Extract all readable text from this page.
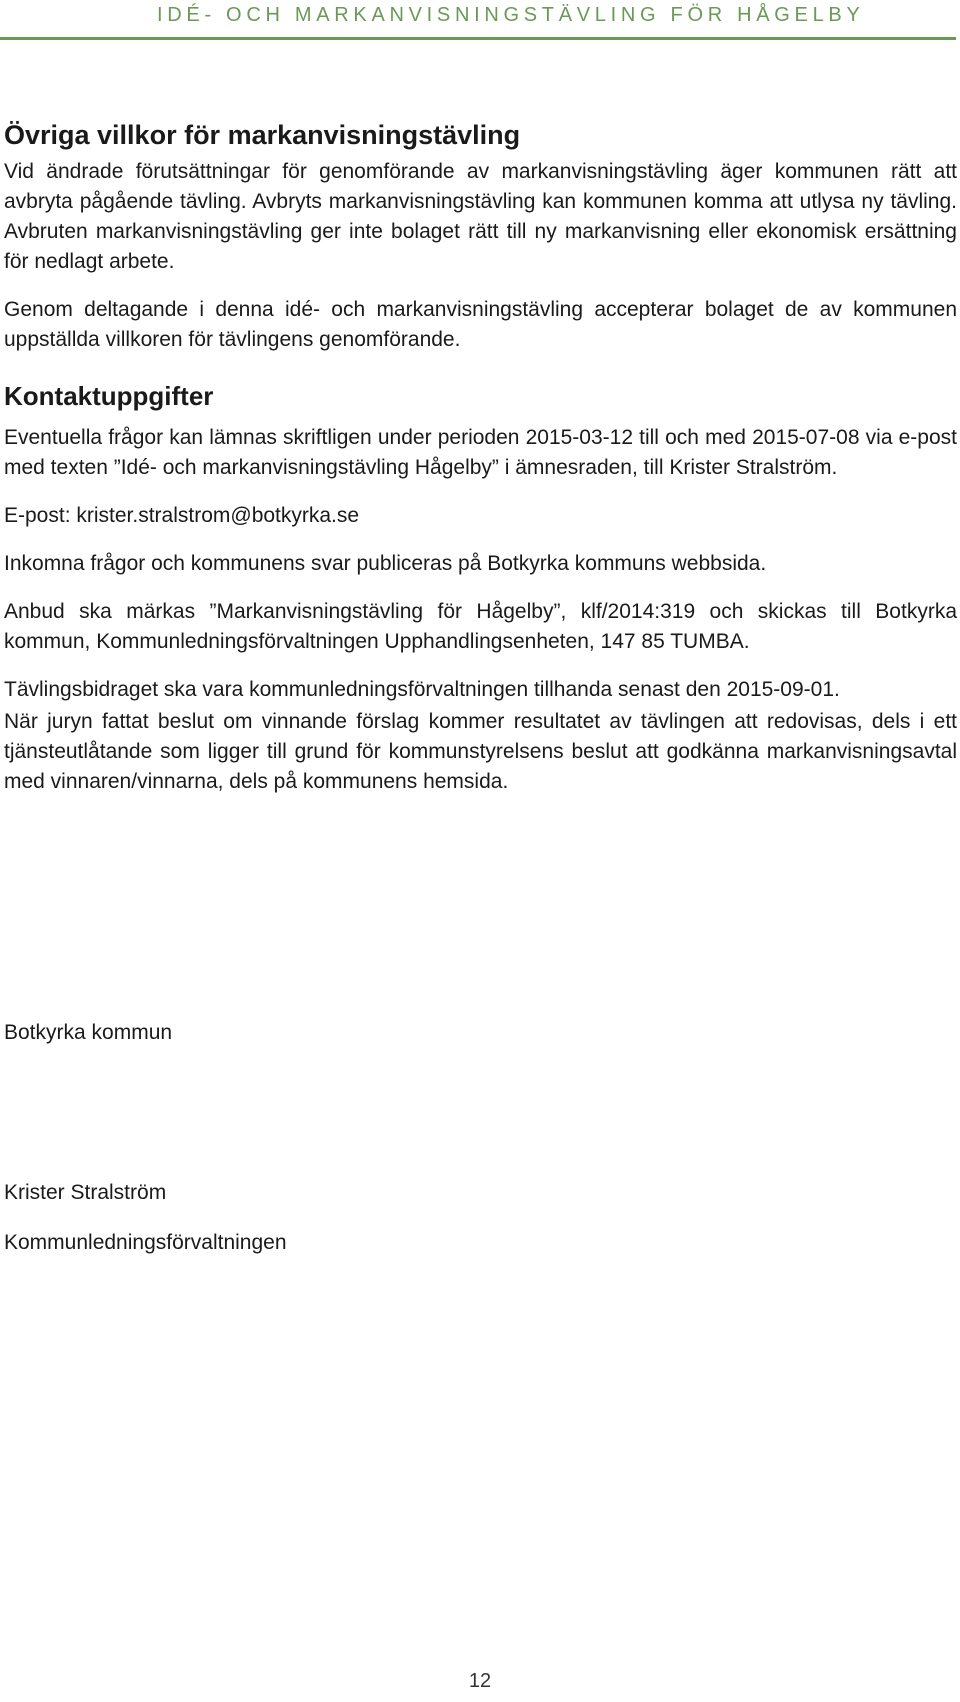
IDÉ- OCH MARKANVISNINGSTÄVLING FÖR HÅGELBY
Övriga villkor för markanvisningstävling

Vid ändrade förutsättningar för genomförande av markanvisningstävling äger kommunen rätt att avbryta pågående tävling. Avbryts markanvisningstävling kan kommunen komma att utlysa ny tävling. Avbruten markanvisningstävling ger inte bolaget rätt till ny markanvisning eller ekonomisk ersättning för nedlagt arbete.

Genom deltagande i denna idé- och markanvisningstävling accepterar bolaget de av kommunen uppställda villkoren för tävlingens genomförande.

Kontaktuppgifter

Eventuella frågor kan lämnas skriftligen under perioden 2015-03-12 till och med 2015-07-08 via e-post med texten ”Idé- och markanvisningstävling Hågelby” i ämnesraden, till Krister Stralström.

E-post: krister.stralstrom@botkyrka.se

Inkomna frågor och kommunens svar publiceras på Botkyrka kommuns webbsida.

Anbud ska märkas ”Markanvisningstävling för Hågelby”, klf/2014:319 och skickas till Botkyrka kommun, Kommunledningsförvaltningen Upphandlingsenheten, 147 85 TUMBA.

Tävlingsbidraget ska vara kommunledningsförvaltningen tillhanda senast den 2015-09-01.

När juryn fattat beslut om vinnande förslag kommer resultatet av tävlingen att redovisas, dels i ett tjänsteutlåtande som ligger till grund för kommunstyrelsens beslut att godkänna markanvisningsavtal med vinnaren/vinnarna, dels på kommunens hemsida.

Botkyrka kommun
Krister Stralström
Kommunledningsförvaltningen
12
